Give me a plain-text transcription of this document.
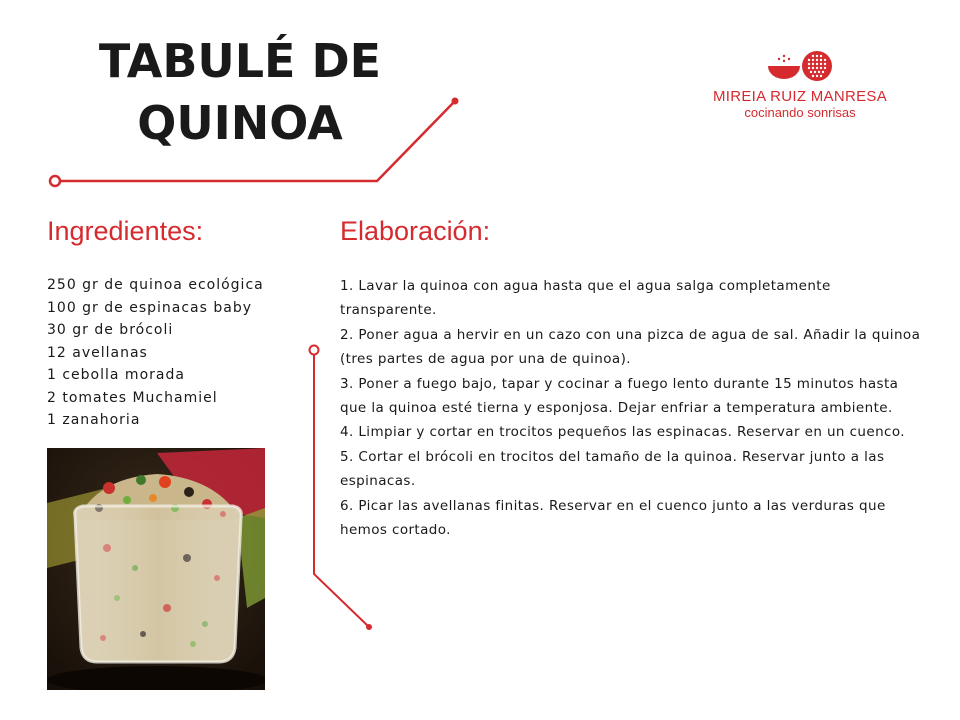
TABULÉ DE
QUINOA	MIREIA RUIZ MANRESA
cocinando sonrisas
Ingredientes:	Elaboración:
250 gr de quinoa ecológica
100 gr de espinacas baby
30 gr de brócoli
12 avellanas
1 cebolla morada
2 tomates Muchamiel
1 zanahoria
1. Lavar la quinoa con agua hasta que el agua salga completamente transparente.
2. Poner agua a hervir en un cazo con una pizca de agua de sal. Añadir la quinoa (tres partes de agua por una de quinoa).
3. Poner a fuego bajo, tapar y cocinar a fuego lento durante 15 minutos hasta que la quinoa esté tierna y esponjosa. Dejar enfriar a temperatura ambiente.
4. Limpiar y cortar en trocitos pequeños las espinacas. Reservar en un cuenco.
5. Cortar el brócoli en trocitos del tamaño de la quinoa. Reservar junto a las espinacas.
6. Picar las avellanas finitas. Reservar en el cuenco junto a las verduras que hemos cortado.
